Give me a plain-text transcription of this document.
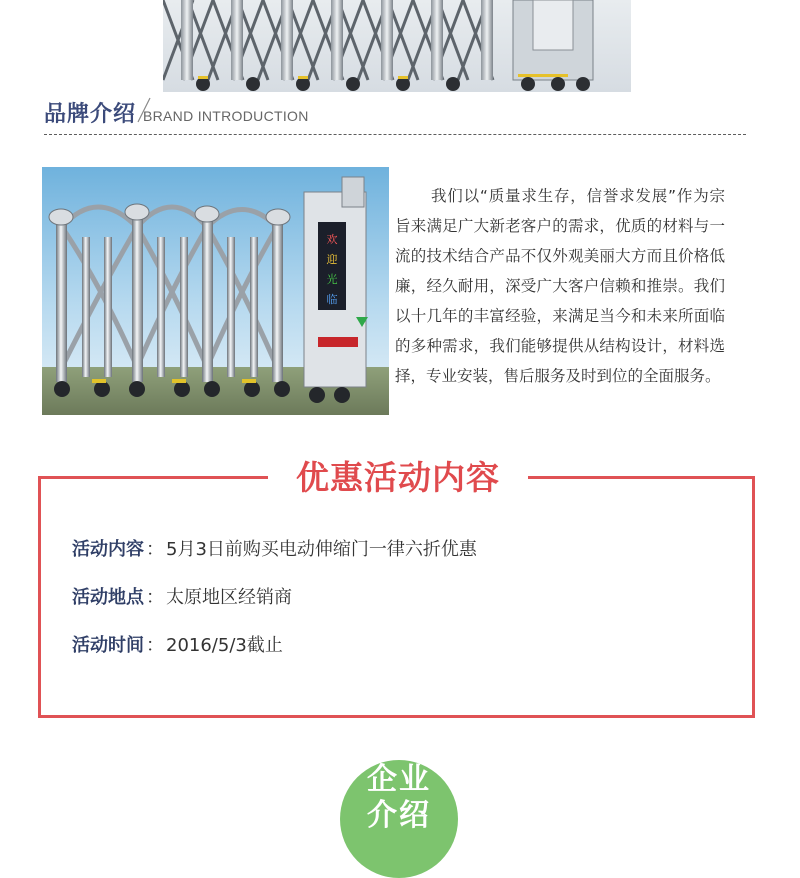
品牌介绍 BRAND INTRODUCTION
欢
迎
光
临
我们以“质量求生存，信誉求发展”作为宗旨来满足广大新老客户的需求，优质的材料与一流的技术结合产品不仅外观美丽大方而且价格低廉，经久耐用，深受广大客户信赖和推崇。我们以十几年的丰富经验，来满足当今和未来所面临的多种需求，我们能够提供从结构设计，材料选择，专业安装，售后服务及时到位的全面服务。
优惠活动内容
活动内容 ： 5月3日前购买电动伸缩门一律六折优惠
活动地点 ： 太原地区经销商
活动时间 ： 2016/5/3截止
企业介绍
